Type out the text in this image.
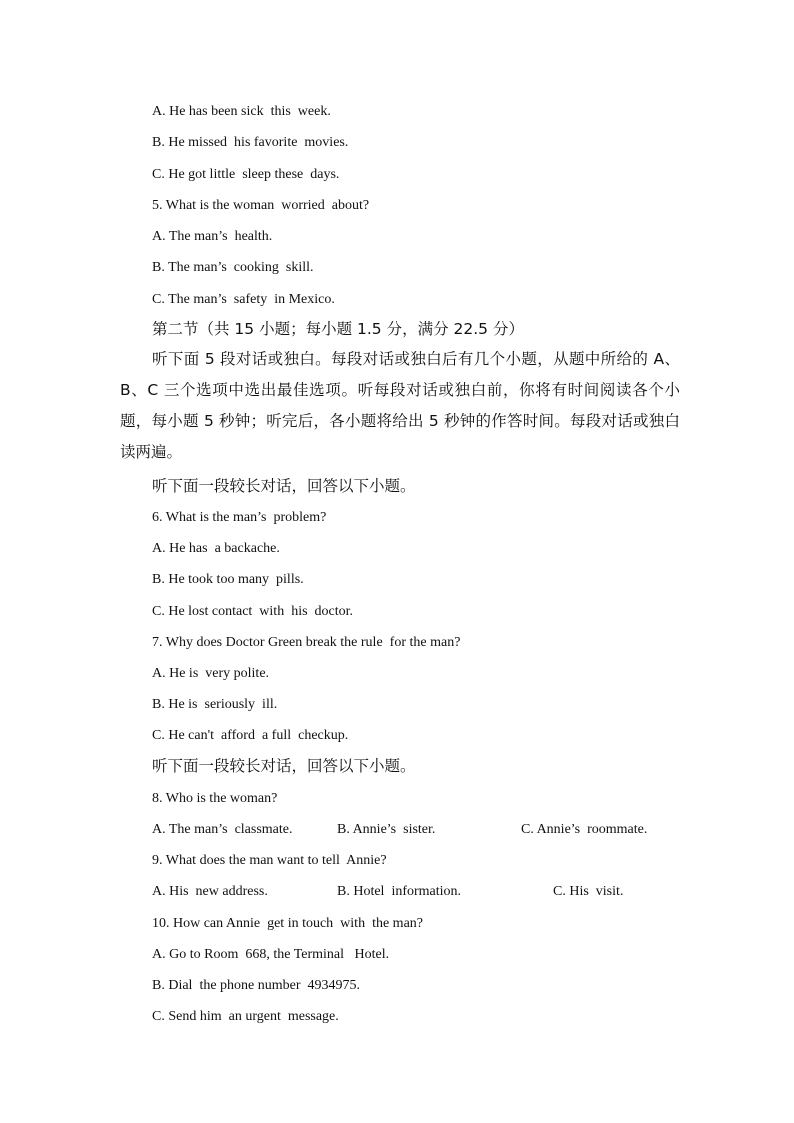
A. He has been sick  this  week.
B. He missed  his favorite  movies.
C. He got little  sleep these  days.
5. What is the woman  worried  about?
A. The man’s  health.
B. The man’s  cooking  skill.
C. The man’s  safety  in Mexico.
第二节（共 15 小题；每小题 1.5 分，满分 22.5 分）

听下面 5 段对话或独白。每段对话或独白后有几个小题，从题中所给的 A、B、C 三个选项中选出最佳选项。听每段对话或独白前，你将有时间阅读各个小题，每小题 5 秒钟；听完后，各小题将给出 5 秒钟的作答时间。每段对话或独白读两遍。

听下面一段较长对话，回答以下小题。
6. What is the man’s  problem?
A. He has  a backache.
B. He took too many  pills.
C. He lost contact  with  his  doctor.
7. Why does Doctor Green break the rule  for the man?
A. He is  very polite.
B. He is  seriously  ill.
C. He can't  afford  a full  checkup.
听下面一段较长对话，回答以下小题。
8. Who is the woman?
A. The man’s  classmate.	B. Annie’s  sister.	C. Annie’s  roommate.
9. What does the man want to tell  Annie?
A. His  new address.	B. Hotel  information.	C. His  visit.
10. How can Annie  get in touch  with  the man?
A. Go to Room  668, the Terminal   Hotel.
B. Dial  the phone number  4934975.
C. Send him  an urgent  message.
